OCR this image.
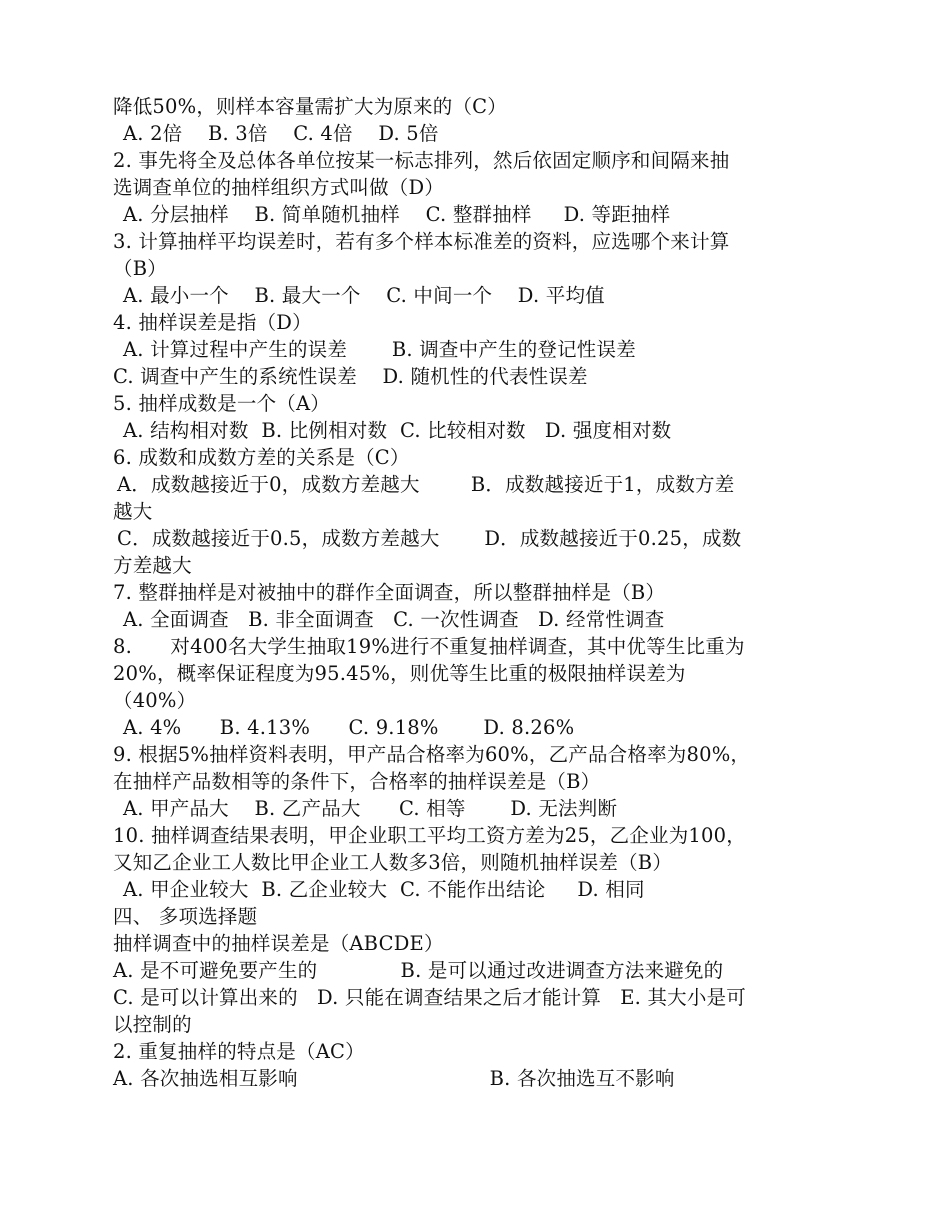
降低50%，则样本容量需扩大为原来的（C）
A. 2倍    B. 3倍    C. 4倍    D. 5倍
2. 事先将全及总体各单位按某一标志排列，然后依固定顺序和间隔来抽
选调查单位的抽样组织方式叫做（D）
A. 分层抽样    B. 简单随机抽样    C. 整群抽样     D. 等距抽样
3. 计算抽样平均误差时，若有多个样本标准差的资料，应选哪个来计算
（B）
A. 最小一个    B. 最大一个    C. 中间一个    D. 平均值
4. 抽样误差是指（D）
A. 计算过程中产生的误差       B. 调查中产生的登记性误差
C. 调查中产生的系统性误差    D. 随机性的代表性误差
5. 抽样成数是一个（A）
A. 结构相对数  B. 比例相对数  C. 比较相对数   D. 强度相对数
6. 成数和成数方差的关系是（C）
A．成数越接近于0，成数方差越大        B．成数越接近于1，成数方差
越大
C．成数越接近于0.5，成数方差越大       D．成数越接近于0.25，成数
方差越大
7. 整群抽样是对被抽中的群作全面调查，所以整群抽样是（B）
A. 全面调查   B. 非全面调查   C. 一次性调查   D. 经常性调查
8.      对400名大学生抽取19%进行不重复抽样调查，其中优等生比重为
20%，概率保证程度为95.45%，则优等生比重的极限抽样误差为
（40%）
A. 4%      B. 4.13%      C. 9.18%       D. 8.26%
9. 根据5%抽样资料表明，甲产品合格率为60%，乙产品合格率为80%，
在抽样产品数相等的条件下，合格率的抽样误差是（B）
A. 甲产品大    B. 乙产品大      C. 相等       D. 无法判断
10. 抽样调查结果表明，甲企业职工平均工资方差为25，乙企业为100，
又知乙企业工人数比甲企业工人数多3倍，则随机抽样误差（B）
A. 甲企业较大  B. 乙企业较大  C. 不能作出结论     D. 相同
四、 多项选择题
抽样调查中的抽样误差是（ABCDE）
A. 是不可避免要产生的             B. 是可以通过改进调查方法来避免的
C. 是可以计算出来的   D. 只能在调查结果之后才能计算   E. 其大小是可
以控制的
2. 重复抽样的特点是（AC）
A. 各次抽选相互影响                              B. 各次抽选互不影响
